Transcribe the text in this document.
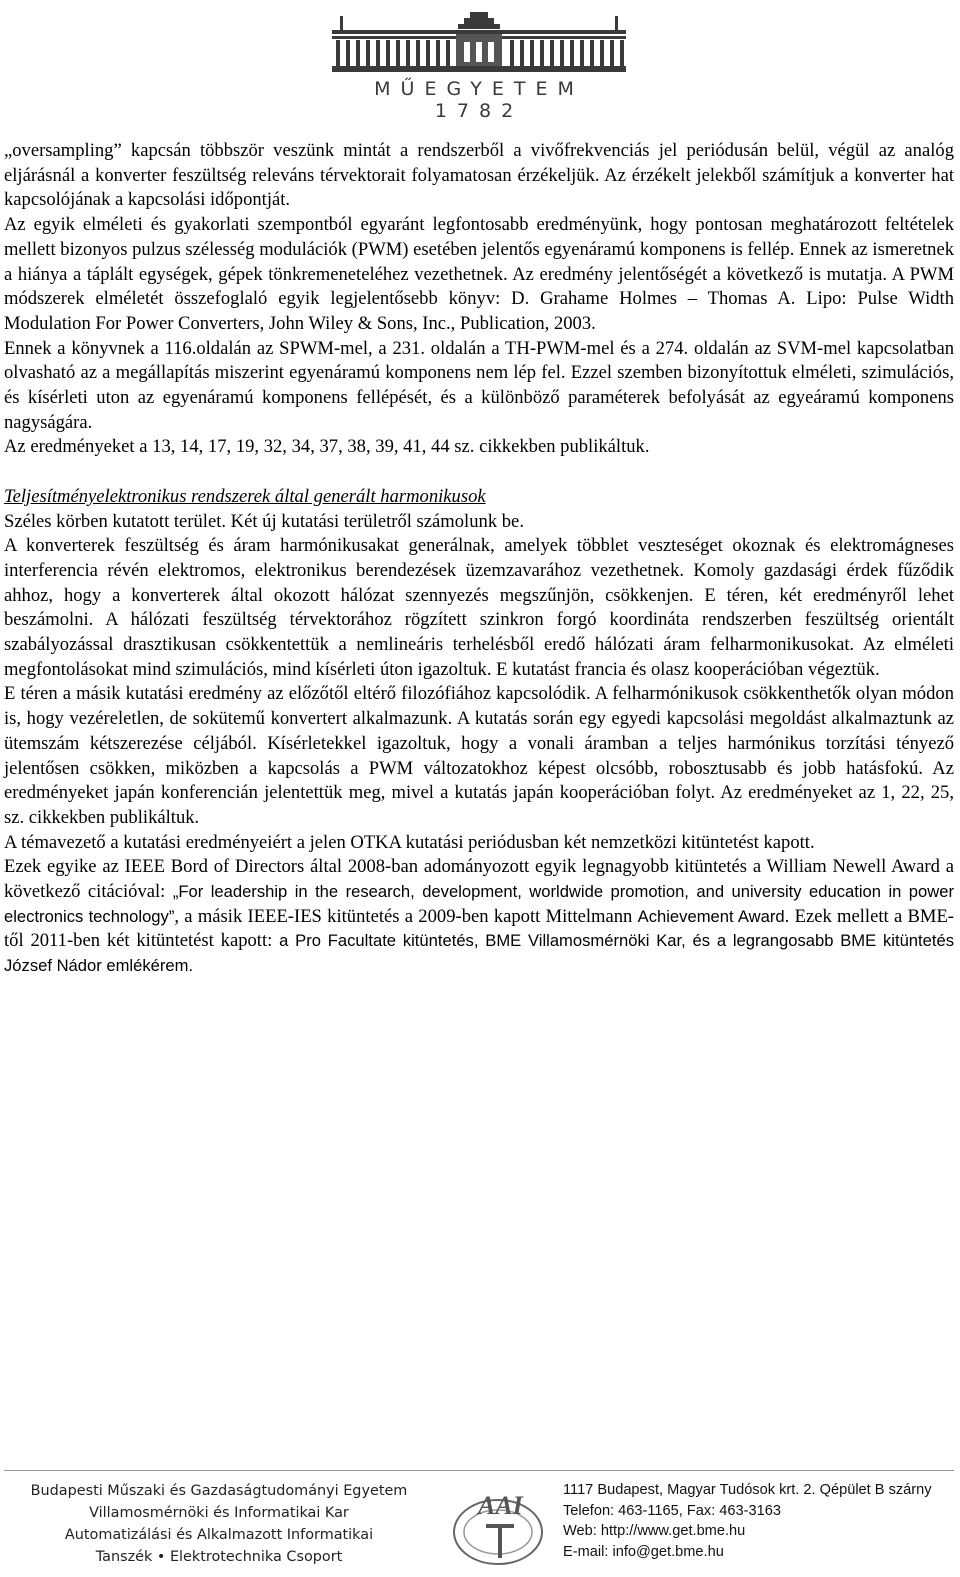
MŰEGYETEM 1782

„oversampling” kapcsán többször veszünk mintát a rendszerből a vivőfrekvenciás jel periódusán belül, végül az analóg eljárásnál a konverter feszültség releváns térvektorait folyamatosan érzékeljük. Az érzékelt jelekből számítjuk a konverter hat kapcsolójának a kapcsolási időpontját.

Az egyik elméleti és gyakorlati szempontból egyaránt legfontosabb eredményünk, hogy pontosan meghatározott feltételek mellett bizonyos pulzus szélesség modulációk (PWM) esetében jelentős egyenáramú komponens is fellép. Ennek az ismeretnek a hiánya a táplált egységek, gépek tönkremeneteléhez vezethetnek. Az eredmény jelentőségét a következő is mutatja. A PWM módszerek elméletét összefoglaló egyik legjelentősebb könyv: D. Grahame Holmes – Thomas A. Lipo: Pulse Width Modulation For Power Converters, John Wiley & Sons, Inc., Publication, 2003.

Ennek a könyvnek a 116.oldalán az SPWM-mel, a 231. oldalán a TH-PWM-mel és a 274. oldalán az SVM-mel kapcsolatban olvasható az a megállapítás miszerint egyenáramú komponens nem lép fel. Ezzel szemben bizonyítottuk elméleti, szimulációs, és kísérleti uton az egyenáramú komponens fellépését, és a különböző paraméterek befolyását az egyeáramú komponens nagyságára.

Az eredményeket a 13, 14, 17, 19, 32, 34, 37, 38, 39, 41, 44 sz. cikkekben publikáltuk.

Teljesítményelektronikus rendszerek által generált harmonikusok

Széles körben kutatott terület. Két új kutatási területről számolunk be.

A konverterek feszültség és áram harmónikusakat generálnak, amelyek többlet veszteséget okoznak és elektromágneses interferencia révén elektromos, elektronikus berendezések üzemzavarához vezethetnek. Komoly gazdasági érdek fűződik ahhoz, hogy a konverterek által okozott hálózat szennyezés megszűnjön, csökkenjen. E téren, két eredményről lehet beszámolni. A hálózati feszültség térvektorához rögzített szinkron forgó koordináta rendszerben feszültség orientált szabályozással drasztikusan csökkentettük a nemlineáris terhelésből eredő hálózati áram felharmonikusokat. Az elméleti megfontolásokat mind szimulációs, mind kísérleti úton igazoltuk. E kutatást francia és olasz kooperációban végeztük.

E téren a másik kutatási eredmény az előzőtől eltérő filozófiához kapcsolódik. A felharmónikusok csökkenthetők olyan módon is, hogy vezéreletlen, de sokütemű konvertert alkalmazunk. A kutatás során egy egyedi kapcsolási megoldást alkalmaztunk az ütemszám kétszerezése céljából. Kísérletekkel igazoltuk, hogy a vonali áramban a teljes harmónikus torzítási tényező jelentősen csökken, miközben a kapcsolás a PWM változatokhoz képest olcsóbb, robosztusabb és jobb hatásfokú. Az eredményeket japán konferencián jelentettük meg, mivel a kutatás japán kooperációban folyt. Az eredményeket az 1, 22, 25, sz. cikkekben publikáltuk.

A témavezető a kutatási eredményeiért a jelen OTKA kutatási periódusban két nemzetközi kitüntetést kapott.

Ezek egyike az IEEE Bord of Directors által 2008-ban adományozott egyik legnagyobb kitüntetés a William Newell Award a következő citációval: „For leadership in the research, development, worldwide promotion, and university education in power electronics technology”, a másik IEEE-IES kitüntetés a 2009-ben kapott Mittelmann Achievement Award. Ezek mellett a BME-től 2011-ben két kitüntetést kapott: a Pro Facultate kitüntetés, BME Villamosmérnöki Kar, és a legrangosabb BME kitüntetés József Nádor emlékérem.

Budapesti Műszaki és Gazdaságtudományi Egyetem
Villamosmérnöki és Informatikai Kar
Automatizálási és Alkalmazott Informatikai
Tanszék • Elektrotechnika Csoport
AAI
1117 Budapest, Magyar Tudósok krt. 2. Qépület B szárny
Telefon: 463-1165, Fax: 463-3163
Web: http://www.get.bme.hu
E-mail: info@get.bme.hu
